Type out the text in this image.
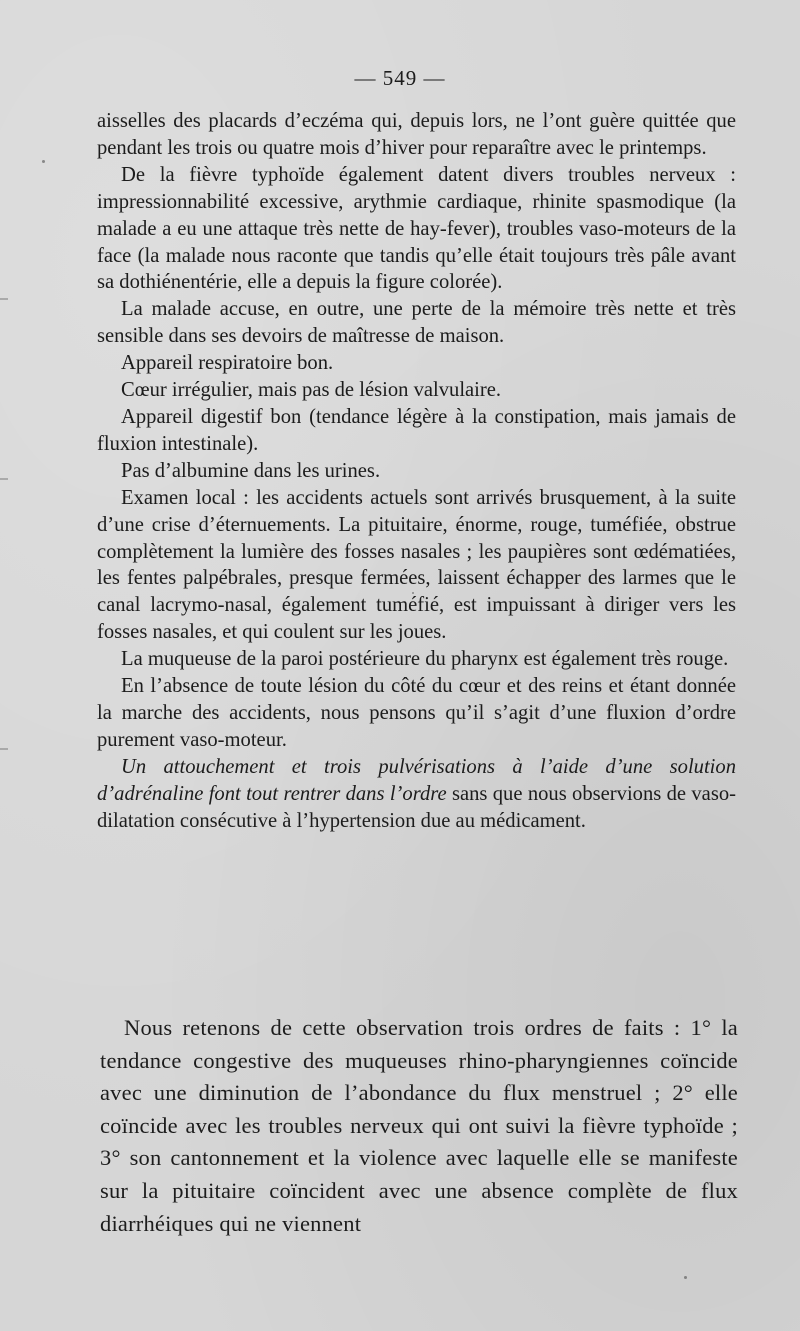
— 549 —

aisselles des placards d’eczéma qui, depuis lors, ne l’ont guère quittée que pendant les trois ou quatre mois d’hiver pour reparaître avec le printemps.

De la fièvre typhoïde également datent divers troubles nerveux : impressionnabilité excessive, arythmie cardiaque, rhinite spasmodique (la malade a eu une attaque très nette de hay-fever), troubles vaso-moteurs de la face (la malade nous raconte que tandis qu’elle était toujours très pâle avant sa dothiénentérie, elle a depuis la figure colorée).

La malade accuse, en outre, une perte de la mémoire très nette et très sensible dans ses devoirs de maîtresse de maison.

Appareil respiratoire bon.

Cœur irrégulier, mais pas de lésion valvulaire.

Appareil digestif bon (tendance légère à la constipation, mais jamais de fluxion intestinale).

Pas d’albumine dans les urines.

Examen local : les accidents actuels sont arrivés brusquement, à la suite d’une crise d’éternuements. La pituitaire, énorme, rouge, tuméfiée, obstrue complètement la lumière des fosses nasales ; les paupières sont œdématiées, les fentes palpébrales, presque fermées, laissent échapper des larmes que le canal lacrymo-nasal, également tuméfié, est impuissant à diriger vers les fosses nasales, et qui coulent sur les joues.

La muqueuse de la paroi postérieure du pharynx est également très rouge.

En l’absence de toute lésion du côté du cœur et des reins et étant donnée la marche des accidents, nous pensons qu’il s’agit d’une fluxion d’ordre purement vaso-moteur.

Un attouchement et trois pulvérisations à l’aide d’une solution d’adrénaline font tout rentrer dans l’ordre sans que nous observions de vaso-dilatation consécutive à l’hypertension due au médicament.

Nous retenons de cette observation trois ordres de faits : 1° la tendance congestive des muqueuses rhino-pharyngiennes coïncide avec une diminution de l’abondance du flux menstruel ; 2° elle coïncide avec les troubles nerveux qui ont suivi la fièvre typhoïde ; 3° son cantonnement et la violence avec laquelle elle se manifeste sur la pituitaire coïncident avec une absence complète de flux diarrhéiques qui ne viennent
